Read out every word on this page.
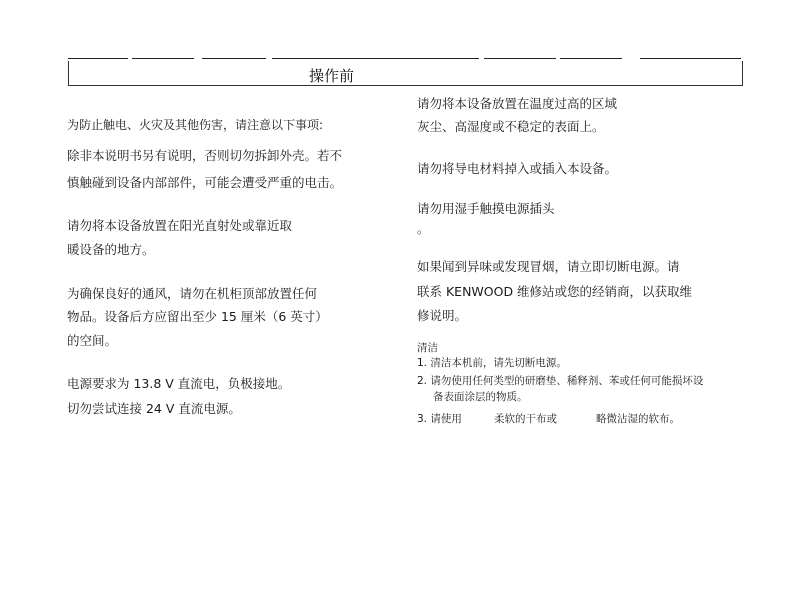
操作前
为防止触电、火灾及其他伤害，请注意以下事项:
除非本说明书另有说明，否则切勿拆卸外壳。若不
慎触碰到设备内部部件，可能会遭受严重的电击。
请勿将本设备放置在阳光直射处或靠近取
暖设备的地方。
为确保良好的通风，请勿在机柜顶部放置任何
物品。设备后方应留出至少 15 厘米（6 英寸）
的空间。
电源要求为 13.8 V 直流电，负极接地。
切勿尝试连接 24 V 直流电源。
请勿将本设备放置在温度过高的区域
灰尘、高湿度或不稳定的表面上。
请勿将导电材料掉入或插入本设备。
请勿用湿手触摸电源插头
。
如果闻到异味或发现冒烟，请立即切断电源。请
联系 KENWOOD 维修站或您的经销商，以获取维
修说明。
清洁
1. 清洁本机前，请先切断电源。
2. 请勿使用任何类型的研磨垫、稀释剂、苯或任何可能损坏设
备表面涂层的物质。
3. 请使用	柔软的干布或	略微沾湿的软布。
